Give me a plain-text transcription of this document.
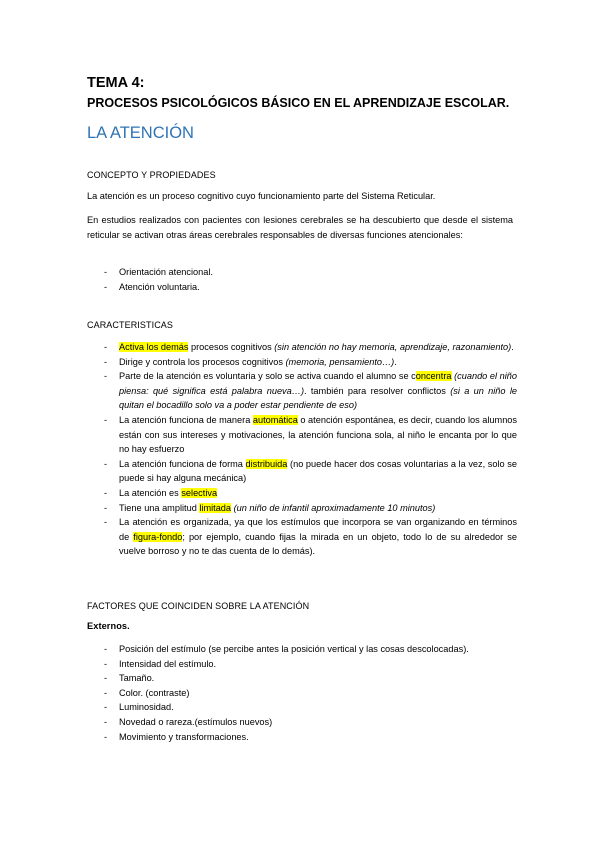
TEMA 4:
PROCESOS PSICOLÓGICOS BÁSICO EN EL APRENDIZAJE ESCOLAR.
LA ATENCIÓN
CONCEPTO Y PROPIEDADES
La atención es un proceso cognitivo cuyo funcionamiento parte del Sistema Reticular.
En estudios realizados con pacientes con lesiones cerebrales se ha descubierto que desde el sistema reticular se activan otras áreas cerebrales responsables de diversas funciones atencionales:
- Orientación atencional.
- Atención voluntaria.
CARACTERISTICAS
- Activa los demás procesos cognitivos (sin atención no hay memoria, aprendizaje, razonamiento).
- Dirige y controla los procesos cognitivos (memoria, pensamiento…).
- Parte de la atención es voluntaria y solo se activa cuando el alumno se concentra (cuando el niño piensa: qué significa está palabra nueva…). también para resolver conflictos (si a un niño le quitan el bocadillo solo va a poder estar pendiente de eso)
- La atención funciona de manera automática o atención espontánea, es decir, cuando los alumnos están con sus intereses y motivaciones, la atención funciona sola, al niño le encanta por lo que no hay esfuerzo
- La atención funciona de forma distribuida (no puede hacer dos cosas voluntarias a la vez, solo se puede si hay alguna mecánica)
- La atención es selectiva
- Tiene una amplitud limitada (un niño de infantil aproximadamente 10 minutos)
- La atención es organizada, ya que los estímulos que incorpora se van organizando en términos de figura-fondo; por ejemplo, cuando fijas la mirada en un objeto, todo lo de su alrededor se vuelve borroso y no te das cuenta de lo demás).
FACTORES QUE COINCIDEN SOBRE LA ATENCIÓN
Externos.
- Posición del estímulo (se percibe antes la posición vertical y las cosas descolocadas).
- Intensidad del estímulo.
- Tamaño.
- Color. (contraste)
- Luminosidad.
- Novedad o rareza.(estímulos nuevos)
- Movimiento y transformaciones.
